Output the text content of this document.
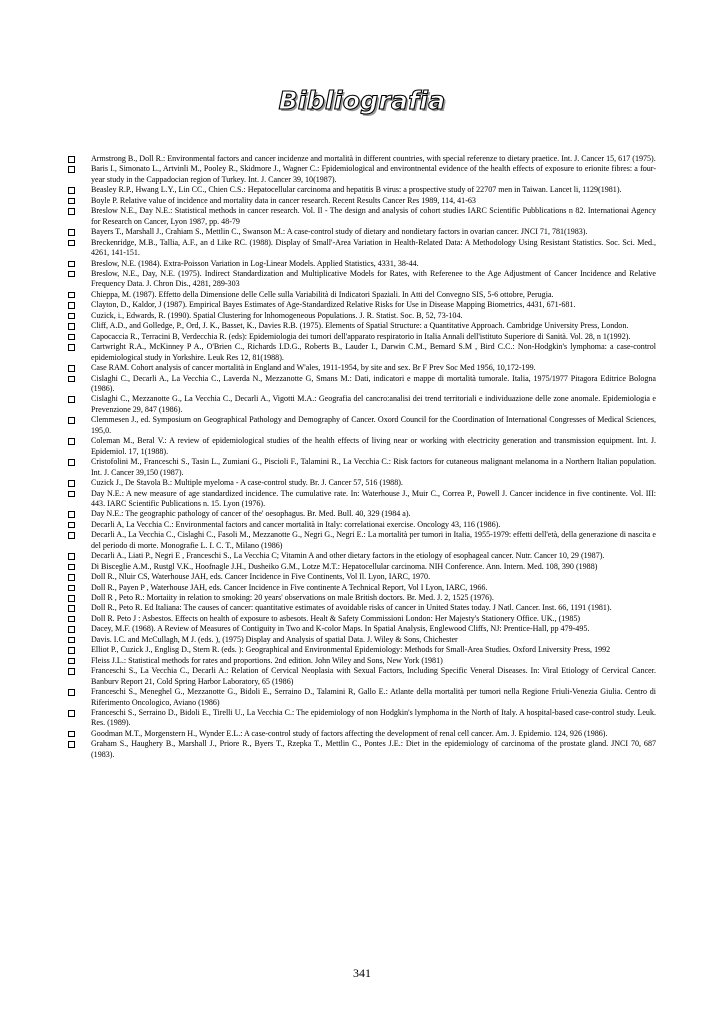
Bibliografia
Armstrong B., Doll R.: Environmental factors and cancer incidenze and mortalità in different countries, with special referenze to dietary praetice. Int. J. Cancer 15, 617 (1975).
Baris I., Simonato L., Artvinli M., Pooley R., Skidmore J., Wagner C.: Fpidemiological and environtnental evidence of the health effects of exposure to erionite fibres: a four-year study in the Cappadocian region of Turkey. Int. J. Cancer 39, 10(1987).
Beasley R.P., Hwang L.Y., Lin CC., Chien C.S.: Hepatocellular carcinoma and hepatitis B virus: a prospective study of 22707 men in Taiwan. Lancet li, 1129(1981).
Boyle P. Relative value of incidence and mortality data in cancer research. Recent Results Cancer Res 1989, 114, 41-63
Breslow N.E., Day N.E.: Statistical methods in cancer research. Vol. Il - The design and analysis of cohort studies IARC Scientific Pubblications n 82. Internationai Agency for Research on Cancer, Lyon 1987, pp. 48-79
Bayers T., Marshall J., Crahiam S., Mettlin C., Swanson M.: A case-control study of dietary and nondietary factors in ovarian cancer. JNCI 71, 781(1983).
Breckenridge, M.B., Tallia, A.F., an d Like RC. (1988). Display of Small'-Area Variation in Health-Related Data: A Methodology Using Resistant Statistics. Soc. Sci. Med., 4261, 141-151.
Breslow, N.E. (1984). Extra-Poisson Variation in Log-Linear Models. Applied Statistics, 4331, 38-44.
Breslow, N.E., Day, N.E. (1975). Indirect Standardization and Multiplicative Models for Rates, with Referenee to the Age Adjustment of Cancer Incidence and Relative Frequency Data. J. Chron Dis., 4281, 289-303
Chieppa, M. (1987). Effetto della Dimensione delle Celle sulla Variabilità di Indicatori Spaziali. In Atti del Convegno SIS, 5-6 ottobre, Perugia.
Clayton, D., Kaldor, J (1987). Empirical Bayes Estimates of Age-Standardized Relative Risks for Use in Disease Mapping Biometrics, 4431, 671-681.
Cuzick, i., Edwards, R. (1990). Spatial Clustering for lnhomogeneous Populations. J. R. Statist. Soc. B, 52, 73-104.
Cliff, A.D., and Golledge, P., Ord, J. K., Basset, K., Davies R.B. (1975). Elements of Spatial Structure: a Quantitative Approach. Cambridge University Press, London.
Capocaccia R., Terracini B, Verdecchia R. (eds): Epidemiologia dei tumori dell'apparato respiratorio in Italia Annali dell'istituto Superiore di Sanità. Vol. 28, n 1(1992).
Cartwright R.A., McKinney P A., O'Brien C., Richards I.D.G., Roberts B., Lauder I., Darwin C.M., Bemard S.M , Bird C.C.: Non-Hodgkin's lymphoma: a case-control epidemiological study in Yorkshire. Leuk Res 12, 81(1988).
Case RAM. Cohort analysis of cancer mortalità in England and W'ales, 1911-1954, by site and sex. Br F Prev Soc Med 1956, 10,172-199.
Cislaghi C., Decarli A., La Vecchia C., Laverda N., Mezzanotte G, Smans M.: Dati, indicatori e mappe di mortalità tumorale. Italia, 1975/1977 Pitagora Editrice Bologna (1986).
Cislaghi C., Mezzanotte G., La Vecchia C., Decarli A., Vigotti M.A.: Geografia del cancro:analisi dei trend territoriali e individuazione delle zone anomale. Epidemiologia e Prevenzione 29, 847 (1986).
Clemmesen J., ed. Symposium on Geographical Pathology and Demography of Cancer. Oxord Council for the Coordination of International Congresses of Medical Sciences, 195,0.
Coleman M., Beral V.: A review of epidemiological studies of the health effects of living near or working with electricity generation and transmission equipment. Int. J. Epidemiol. 17, 1(1988).
Cristofolini M., Franceschi S., Tasin L., Zumiani G., Piscioli F., Talamini R., La Vecchia C.: Risk factors for cutaneous malignant melanoma in a Northern Italian population. Int. J. Cancer 39,150 (1987).
Cuzick J., De Stavola B.: Multiple myeloma - A case-control study. Br. J. Cancer 57, 516 (1988).
Day N.E.: A new measure of age standardized incidence. The cumulative rate. In: Waterhouse J., Muir C., Correa P., Powell J. Cancer incidence in five continente. Vol. III: 443. IARC Scientific Publications n. 15. Lyon (1976).
Day N.E.: The geographic pathology of cancer of the' oesophagus. Br. Med. Bull. 40, 329 (1984 a).
Decarli A, La Vecchia C.: Environmental factors and cancer mortalità in Italy: correlationai exercise. Oncology 43, 116 (1986).
Decarli A., La Vecchia C., Cislaghi C., Fasoli M., Mezzanotte G., Negri G., Negri E.: La mortalità per tumori in Italia, 1955-1979: effetti dell'età, della generazione di nascita e del periodo di morte. Monografie L. I. C. T., Milano (1986)
Decarli A., Liati P., Negri E , Franceschi S., La Vecchia C; Vitamin A and other dietary factors in the etiology of esophageal cancer. Nutr. Cancer 10, 29 (1987).
Di Bisceglie A.M., Rustgl V.K., Hoofnagle J.H., Dusheiko G.M., Lotze M.T.: Hepatocellular carcinoma. NIH Conference. Ann. Intern. Med. 108, 390 (1988)
Doll R., Nluir CS, Waterhouse JAH, eds. Cancer Incidence in Five Continents, Vol Il. Lyon, IARC, 1970.
Doll R., Payen P , Waterhouse JAH, eds. Cancer Incidence in Five continente A Technical Report, Vol I Lyon, IARC, 1966.
Doll R , Peto R.: Mortaiity in relation to smoking: 20 years' observations on male British doctors. Br. Med. J. 2, 1525 (1976).
Doll R., Peto R. Ed Italiana: The causes of cancer: quantitative estimates of avoidable risks of cancer in United States today. J Natl. Cancer. Inst. 66, 1191 (1981).
Doll R. Peto J : Asbestos. Effects on health of exposure to asbesots. Healt & Safety Commissioni London: Her Majesty's Stationery Office. UK., (1985)
Dacey, M.F. (1968). A Review of Measures of Contiguity in Two and K-color Maps. In Spatial Analysis, Englewood Cliffs, NJ: Prentice-Hall, pp 479-495.
Davis. I.C. and McCullagh, M J. (eds. ), (1975) Display and Analysis of spatial Data. J. Wiley & Sons, Chichester
Elliot P., Cuzick J., Englisg D., Stern R. (eds. ): Geographical and Environmental Epidemiology: Methods for Small-Area Studies. Oxford Lniversity Press, 1992
Fleiss J.L.: Statistical methods for rates and proportions. 2nd edition. John Wiley and Sons, New York (1981)
Franceschi S., La Vecchia C., Decarli A.: Relation of Cervical Neoplasia with Sexual Factors, Including Specific Veneral Diseases. In: Viral Etiology of Cervical Cancer. Banburv Report 21, Cold Spring Harbor Laboratory, 65 (1986)
Franceschi S., Meneghel G., Mezzanotte G., Bidoli E., Serraino D., Talamini R, Gallo E.: Atlante della mortalità per tumori nella Regione Friuli-Venezia Giulia. Centro di Riferimento Oncologico, Aviano (1986)
Franceschi S., Serraino D., Bidoli E., Tirelli U., La Vecchia C.: The epidemiology of non Hodgkin's lymphoma in the North of Italy. A hospital-based case-control study. Leuk. Res. (1989).
Goodman M.T., Morgenstern H., Wynder E.L.: A case-control study of factors affecting the development of renal cell cancer. Am. J. Epidemio. 124, 926 (1986).
Graham S., Haughery B., Marshall J., Priore R., Byers T., Rzepka T., Mettlin C., Pontes J.E.: Diet in the epidemiology of carcinoma of the prostate gland. JNCI 70, 687 (1983).
341
